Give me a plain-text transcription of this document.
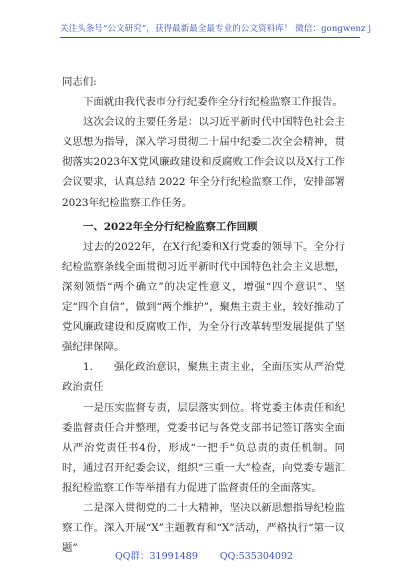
关注头条号“公文研究”，获得最新最全最专业的公文资料库！ 微信：gongwenz j

同志们:

下面就由我代表市分行纪委作全分行纪检监察工作报告。

这次会议的主要任务是：以习近平新时代中国特色社会主义思想为指导，深入学习贯彻二十届中纪委二次全会精神，贯彻落实2023年X党风廉政建设和反腐败工作会议以及X行工作会议要求，认真总结 2022 年全分行纪检监察工作，安排部署2023年纪检监察工作任务。

一、2022年全分行纪检监察工作回顾

过去的2022年，在X行纪委和X行党委的领导下。全分行纪检监察条线全面贯彻习近平新时代中国特色社会主义思想，深刻领悟“两个确立”的决定性意义，增强“四个意识”、坚定“四个自信”，做到“两个维护”，聚焦主责主业，较好推动了党风廉政建设和反腐败工作，为全分行改革转型发展提供了坚强纪律保障。

1.　　强化政治意识，聚焦主责主业，全面压实从严治党政治责任

一是压实监督专责，层层落实到位。将党委主体责任和纪委监督责任合并整理，党委书记与各党支部书记签订落实全面从严治党责任书4份，形成“一把手”负总责的责任机制。同时，通过召开纪委会议，组织“三重一大”检查，向党委专题汇报纪检监察工作等举措有力促进了监督责任的全面落实。

二是深入贯彻党的二十大精神，坚决以新思想指导纪检监察工作。深入开展“X”主题教育和“X”活动，严格执行“第一议题”

QQ群：31991489 QQ:535304092
